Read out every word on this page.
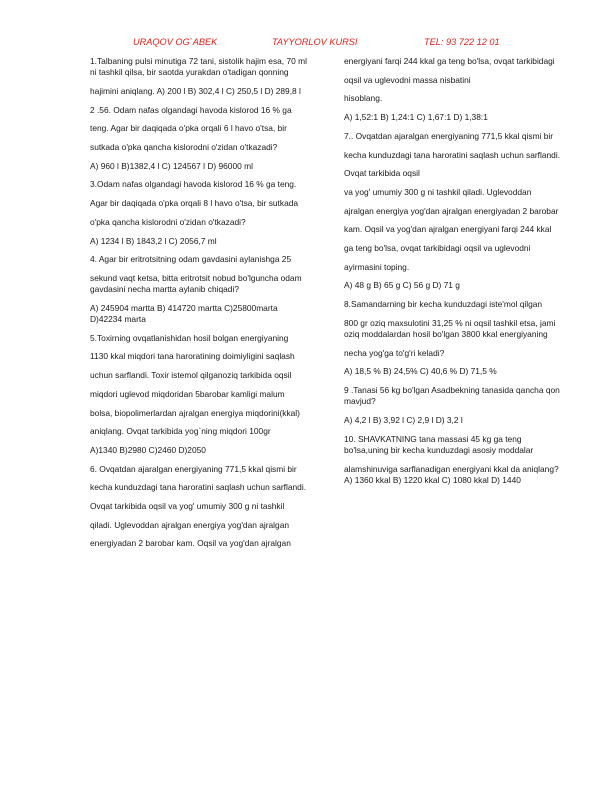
URAQOV OG`ABEK	TAYYORLOV KURSI	TEL: 93 722 12 01

1.Talbaning pulsi minutiga 72 tani, sistolik hajim esa, 70 ml ni tashkil qilsa, bir saotda yurakdan o'tadigan qonning

hajimini aniqlang. A) 200 l B) 302,4 l C) 250,5 l D) 289,8 l

2 .56. Odam nafas olgandagi havoda kislorod 16 % ga

teng. Agar bir daqiqada o'pka orqali 6 l havo o'tsa, bir

sutkada o'pka qancha kislorodni o'zidan o'tkazadi?

A) 960 l B)1382,4 l C) 124567 l D) 96000 ml

3.Odam nafas olgandagi havoda kislorod 16 % ga teng.

Agar bir daqiqada o'pka orqali 8 l havo o'tsa, bir sutkada

o'pka qancha kislorodni o'zidan o'tkazadi?

A) 1234 l B) 1843,2 l C) 2056,7 ml

4. Agar bir eritrotsitning odam gavdasini aylanishga 25

sekund vaqt ketsa, bitta eritrotsit nobud bo'lguncha odam gavdasini necha martta aylanib chiqadi?

A) 245904 martta B) 414720 martta C)25800marta D)42234 marta

5.Toxirning ovqatlanishidan hosil bolgan energiyaning

1130 kkal miqdori tana haroratining doimiyligini saqlash

uchun sarflandi. Toxir istemol qilganoziq tarkibida oqsil

miqdori uglevod miqdoridan 5barobar kamligi malum

bolsa, biopolimerlardan ajralgan energiya miqdorini(kkal)

aniqlang. Ovqat tarkibida yog`ning miqdori 100gr

A)1340 B)2980 C)2460 D)2050

6. Ovqatdan ajaralgan energiyaning 771,5 kkal qismi bir

kecha kunduzdagi tana haroratini saqlash uchun sarflandi.

Ovqat tarkibida oqsil va yog' umumiy 300 g ni tashkil

qiladi. Uglevoddan ajralgan energiya yog'dan ajralgan

energiyadan 2 barobar kam. Oqsil va yog'dan ajralgan

energiyani farqi 244 kkal ga teng bo'lsa, ovqat tarkibidagi

oqsil va uglevodni massa nisbatini

hisoblang.

A) 1,52:1 B) 1,24:1 C) 1,67:1 D) 1,38:1

7.. Ovqatdan ajaralgan energiyaning 771,5 kkal qismi bir

kecha kunduzdagi tana haroratini saqlash uchun sarflandi.

Ovqat tarkibida oqsil

va yog' umumiy 300 g ni tashkil qiladi. Uglevoddan

ajralgan energiya yog'dan ajralgan energiyadan 2 barobar

kam. Oqsil va yog'dan ajralgan energiyani farqi 244 kkal

ga teng bo'lsa, ovqat tarkibidagi oqsil va uglevodni

ayirmasini toping.

A) 48 g B) 65 g C) 56 g D) 71 g

8.Samandarning bir kecha kunduzdagi iste'mol qilgan

800 gr oziq maxsulotini 31,25 % ni oqsil tashkil etsa, jami oziq moddalardan hosil bo'lgan 3800 kkal energiyaning

necha yog'ga to'g'ri keladi?

A) 18,5 % B) 24,5% C) 40,6 % D) 71,5 %

9 .Tanasi 56 kg bo'lgan Asadbekning tanasida qancha qon mavjud?

A) 4,2 l B) 3,92 l C) 2,9 l D) 3,2 l

10. SHAVKATNING tana massasi 45 kg ga teng bo'lsa,uning bir kecha kunduzdagi asosiy moddalar

alamshinuviga sarflanadigan energiyani kkal da aniqlang?A) 1360 kkal B) 1220 kkal C) 1080 kkal D) 1440
